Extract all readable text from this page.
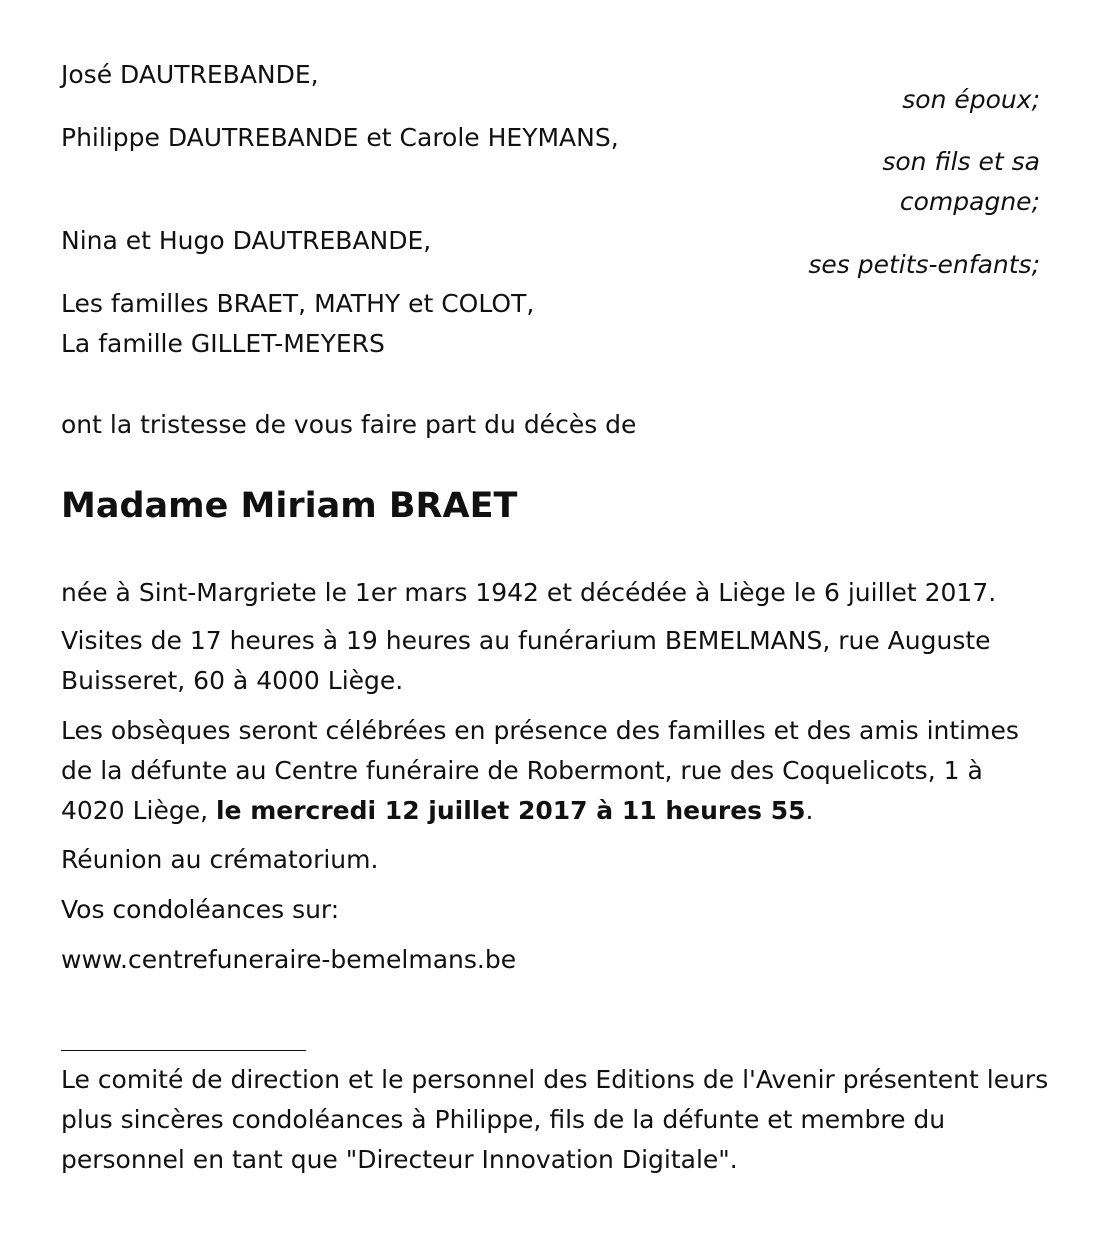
José DAUTREBANDE,
son époux;
Philippe DAUTREBANDE et Carole HEYMANS,
son fils et sa
compagne;
Nina et Hugo DAUTREBANDE,
ses petits-enfants;
Les familles BRAET, MATHY et COLOT,
La famille GILLET-MEYERS
ont la tristesse de vous faire part du décès de
Madame Miriam BRAET
née à Sint-Margriete le 1er mars 1942 et décédée à Liège le 6 juillet 2017.
Visites de 17 heures à 19 heures au funérarium BEMELMANS, rue Auguste Buisseret, 60 à 4000 Liège.
Les obsèques seront célébrées en présence des familles et des amis intimes de la défunte au Centre funéraire de Robermont, rue des Coquelicots, 1 à 4020 Liège, le mercredi 12 juillet 2017 à 11 heures 55.
Réunion au crématorium.
Vos condoléances sur:
www.centrefuneraire-bemelmans.be
Le comité de direction et le personnel des Editions de l'Avenir présentent leurs plus sincères condoléances à Philippe, fils de la défunte et membre du personnel en tant que "Directeur Innovation Digitale".
